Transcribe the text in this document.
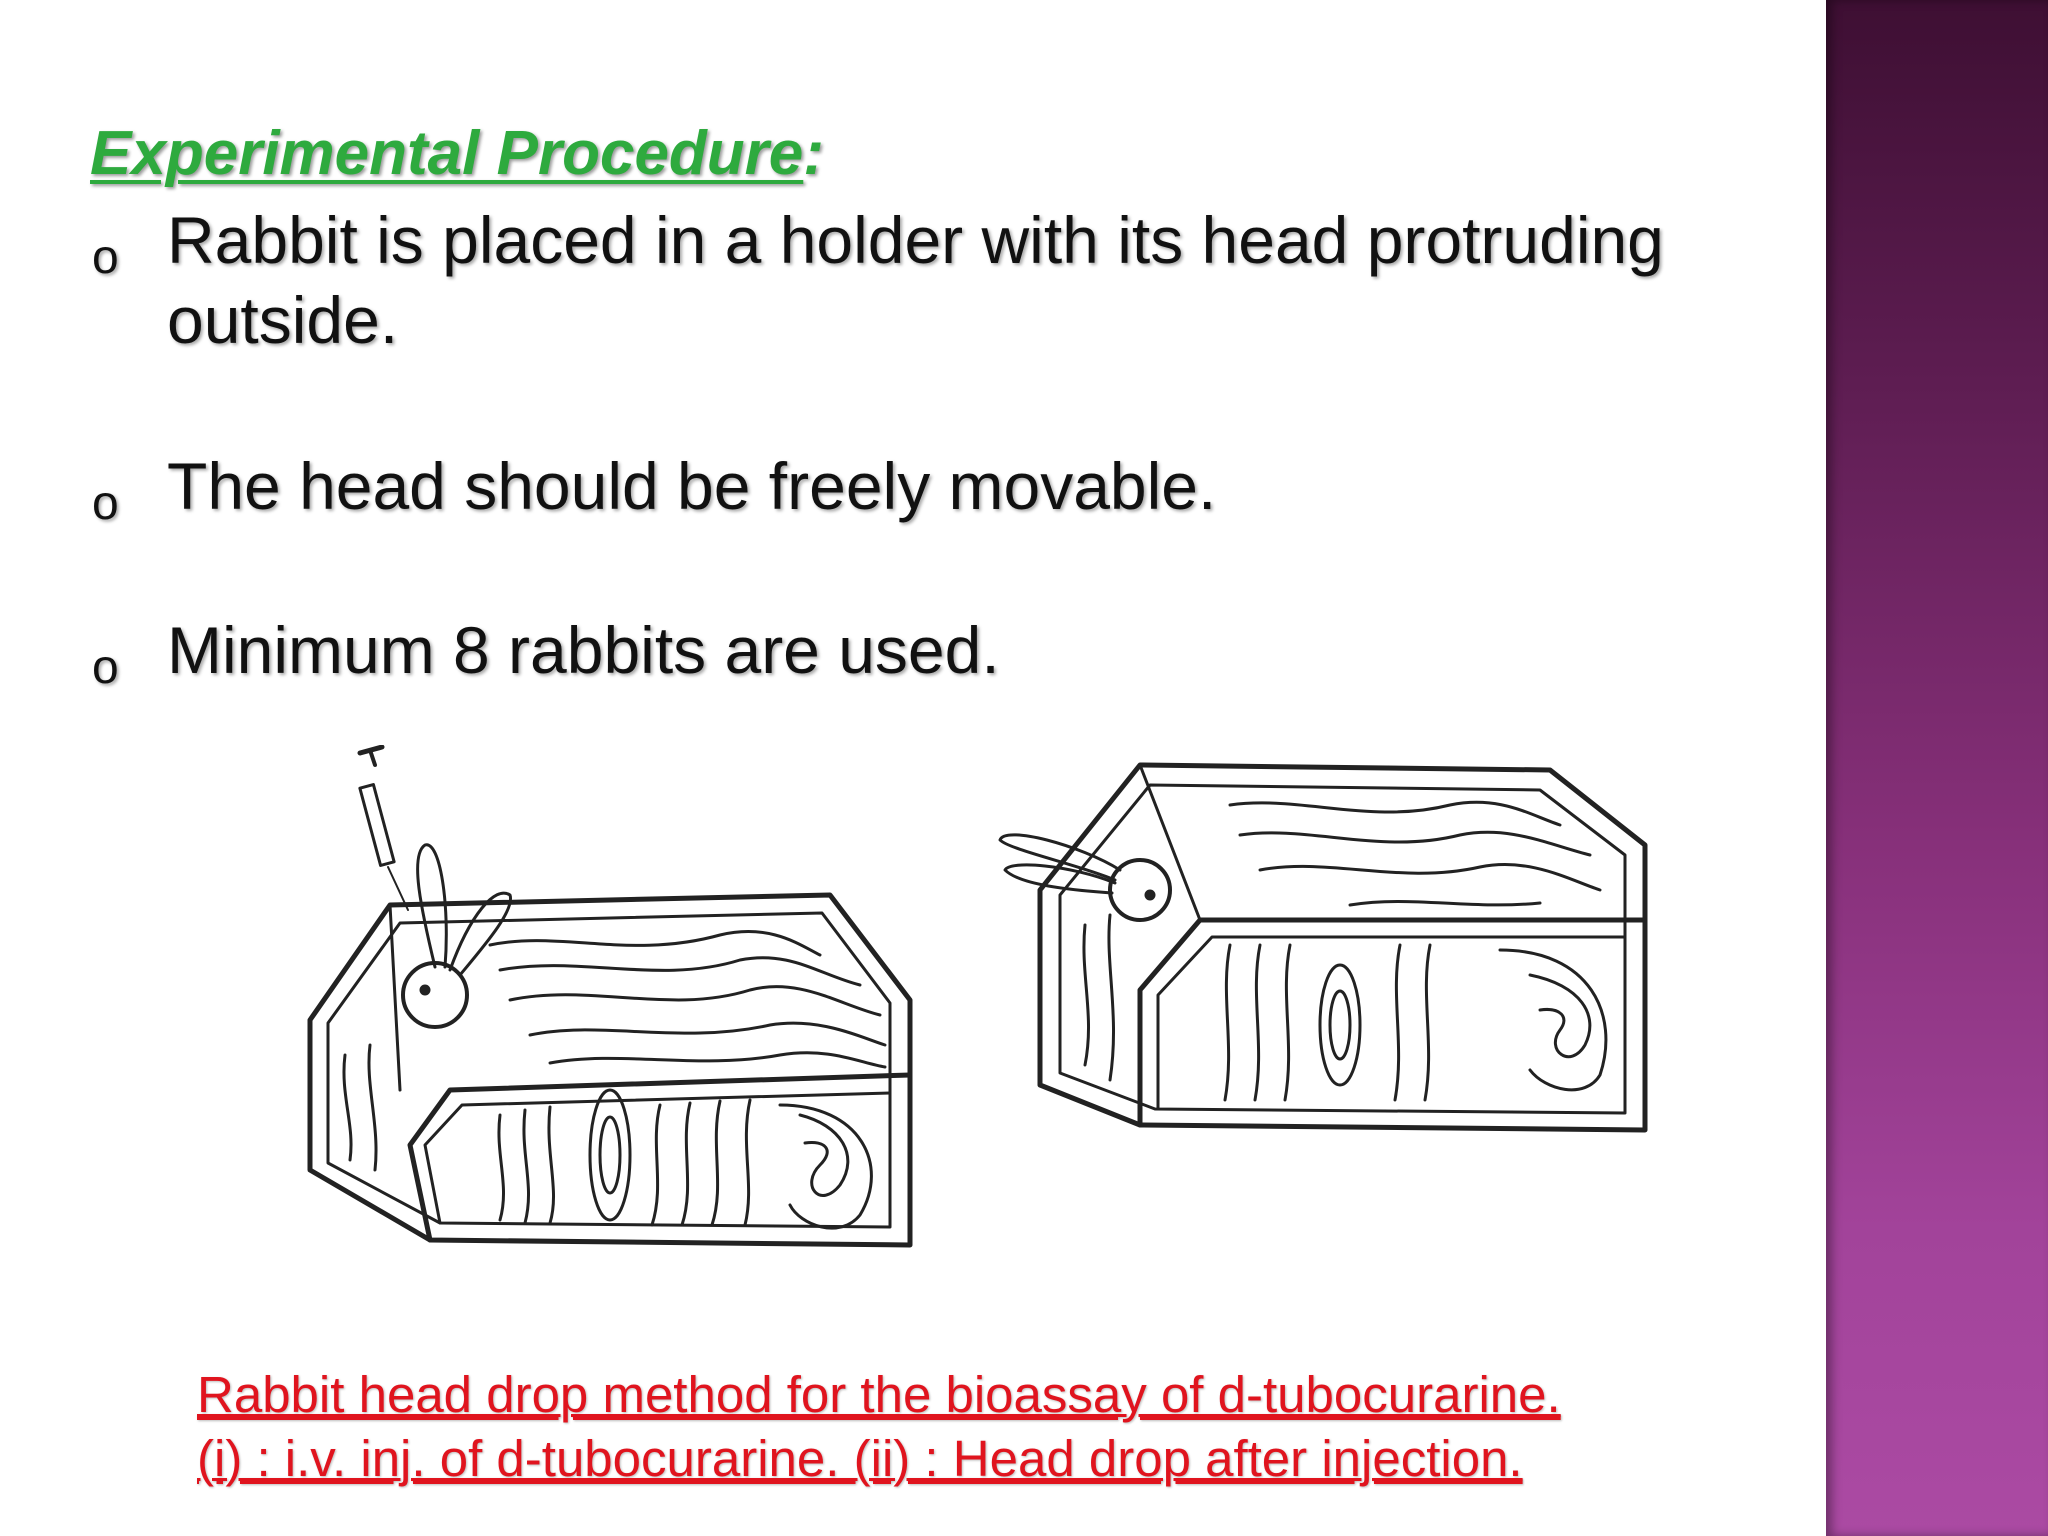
Experimental Procedure:
o Rabbit is placed in a holder with its head protruding
outside.
o The head should be freely movable.
o Minimum 8 rabbits are used.
Rabbit head drop method for the bioassay of d-tubocurarine.
(i) : i.v. inj. of d-tubocurarine. (ii) : Head drop after injection.
